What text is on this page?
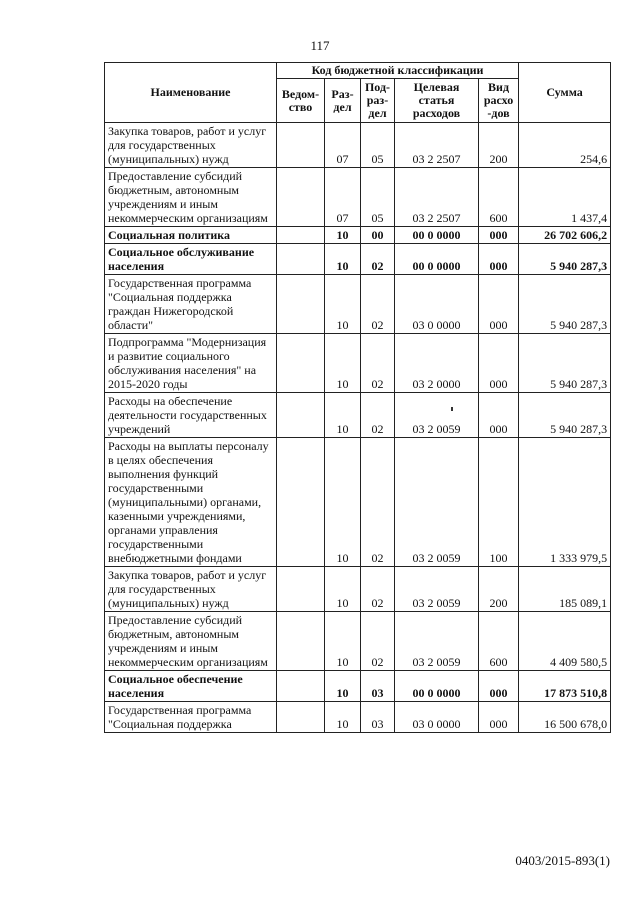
117
Наименование	Код бюджетной классификации					Сумма
	Ведом-ство	Раз-дел	Под-раз-дел	Целевая статья расходов	Вид расхо -дов	
Закупка товаров, работ и услуг для государственных (муниципальных) нужд		07	05	03 2 2507	200	254,6
Предоставление субсидий бюджетным, автономным учреждениям и иным некоммерческим организациям		07	05	03 2 2507	600	1 437,4
Социальная политика		10	00	00 0 0000	000	26 702 606,2
Социальное обслуживание населения		10	02	00 0 0000	000	5 940 287,3
Государственная программа "Социальная поддержка граждан Нижегородской области"		10	02	03 0 0000	000	5 940 287,3
Подпрограмма "Модернизация и развитие социального обслуживания населения" на 2015-2020 годы		10	02	03 2 0000	000	5 940 287,3
Расходы на обеспечение деятельности государственных учреждений		10	02	03 2 0059	000	5 940 287,3
Расходы на выплаты персоналу в целях обеспечения выполнения функций государственными (муниципальными) органами, казенными учреждениями, органами управления государственными внебюджетными фондами		10	02	03 2 0059	100	1 333 979,5
Закупка товаров, работ и услуг для государственных (муниципальных) нужд		10	02	03 2 0059	200	185 089,1
Предоставление субсидий бюджетным, автономным учреждениям и иным некоммерческим организациям		10	02	03 2 0059	600	4 409 580,5
Социальное обеспечение населения		10	03	00 0 0000	000	17 873 510,8
Государственная программа "Социальная поддержка		10	03	03 0 0000	000	16 500 678,0
0403/2015-893(1)
